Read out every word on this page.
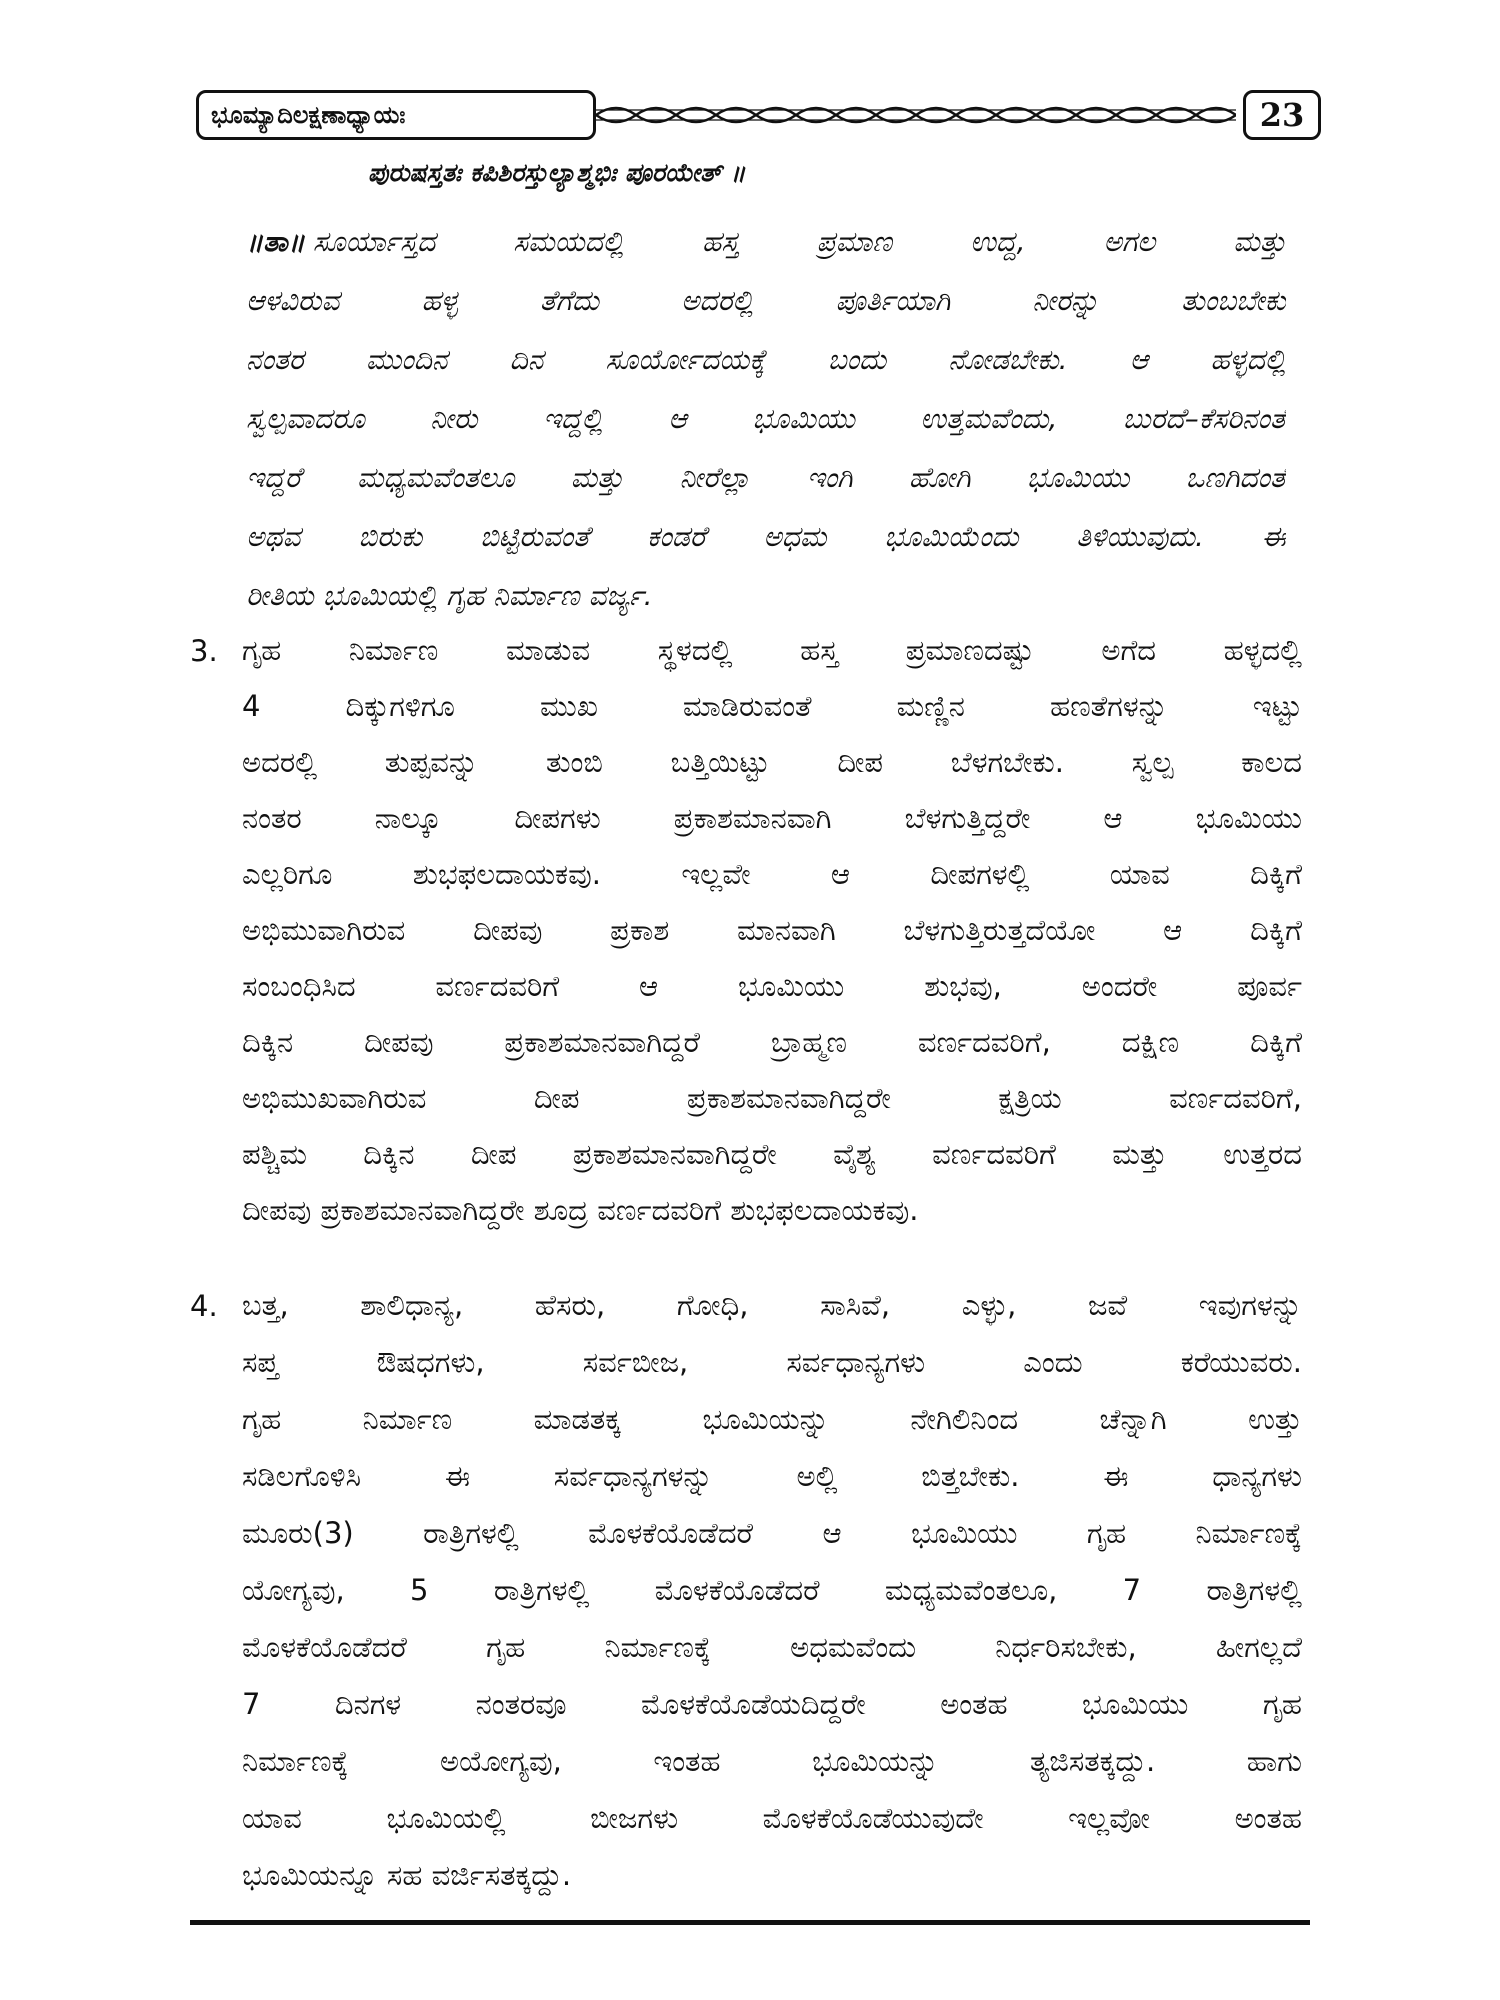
ಭೂಮ್ಯಾದಿಲಕ್ಷಣಾಧ್ಯಾಯಃ	23
ಪುರುಷಸ್ತತಃ ಕಪಿಶಿರಸ್ತುಲ್ಯಾಶ್ಮಭಿಃ ಪೂರಯೇತ್ ॥
॥ತಾ॥ ಸೂರ್ಯಾಸ್ತದ ಸಮಯದಲ್ಲಿ ಹಸ್ತ ಪ್ರಮಾಣ ಉದ್ದ, ಅಗಲ ಮತ್ತು
ಆಳವಿರುವ ಹಳ್ಳ ತೆಗೆದು ಅದರಲ್ಲಿ ಪೂರ್ತಿಯಾಗಿ ನೀರನ್ನು ತುಂಬಬೇಕು
ನಂತರ ಮುಂದಿನ ದಿನ ಸೂರ್ಯೋದಯಕ್ಕೆ ಬಂದು ನೋಡಬೇಕು. ಆ ಹಳ್ಳದಲ್ಲಿ
ಸ್ವಲ್ಪವಾದರೂ ನೀರು ಇದ್ದಲ್ಲಿ ಆ ಭೂಮಿಯು ಉತ್ತಮವೆಂದು, ಬುರದೆ–ಕೆಸರಿನಂತೆ
ಇದ್ದರೆ ಮಧ್ಯಮವೆಂತಲೂ ಮತ್ತು ನೀರೆಲ್ಲಾ ಇಂಗಿ ಹೋಗಿ ಭೂಮಿಯು ಒಣಗಿದಂತೆ
ಅಥವ ಬಿರುಕು ಬಿಟ್ಟಿರುವಂತೆ ಕಂಡರೆ ಅಧಮ ಭೂಮಿಯೆಂದು ತಿಳಿಯುವುದು. ಈ
ರೀತಿಯ ಭೂಮಿಯಲ್ಲಿ ಗೃಹ ನಿರ್ಮಾಣ ವರ್ಜ್ಯ.
3. ಗೃಹ ನಿರ್ಮಾಣ ಮಾಡುವ ಸ್ಥಳದಲ್ಲಿ ಹಸ್ತ ಪ್ರಮಾಣದಷ್ಟು ಅಗೆದ ಹಳ್ಳದಲ್ಲಿ
4 ದಿಕ್ಕುಗಳಿಗೂ ಮುಖ ಮಾಡಿರುವಂತೆ ಮಣ್ಣಿನ ಹಣತೆಗಳನ್ನು ಇಟ್ಟು
ಅದರಲ್ಲಿ ತುಪ್ಪವನ್ನು ತುಂಬಿ ಬತ್ತಿಯಿಟ್ಟು ದೀಪ ಬೆಳಗಬೇಕು. ಸ್ವಲ್ಪ ಕಾಲದ
ನಂತರ ನಾಲ್ಕೂ ದೀಪಗಳು ಪ್ರಕಾಶಮಾನವಾಗಿ ಬೆಳಗುತ್ತಿದ್ದರೇ ಆ ಭೂಮಿಯು
ಎಲ್ಲರಿಗೂ ಶುಭಫಲದಾಯಕವು. ಇಲ್ಲವೇ ಆ ದೀಪಗಳಲ್ಲಿ ಯಾವ ದಿಕ್ಕಿಗೆ
ಅಭಿಮುವಾಗಿರುವ ದೀಪವು ಪ್ರಕಾಶ ಮಾನವಾಗಿ ಬೆಳಗುತ್ತಿರುತ್ತದೆಯೋ ಆ ದಿಕ್ಕಿಗೆ
ಸಂಬಂಧಿಸಿದ ವರ್ಣದವರಿಗೆ ಆ ಭೂಮಿಯು ಶುಭವು, ಅಂದರೇ ಪೂರ್ವ
ದಿಕ್ಕಿನ ದೀಪವು ಪ್ರಕಾಶಮಾನವಾಗಿದ್ದರೆ ಬ್ರಾಹ್ಮಣ ವರ್ಣದವರಿಗೆ, ದಕ್ಷಿಣ ದಿಕ್ಕಿಗೆ
ಅಭಿಮುಖವಾಗಿರುವ ದೀಪ ಪ್ರಕಾಶಮಾನವಾಗಿದ್ದರೇ ಕ್ಷತ್ರಿಯ ವರ್ಣದವರಿಗೆ,
ಪಶ್ಚಿಮ ದಿಕ್ಕಿನ ದೀಪ ಪ್ರಕಾಶಮಾನವಾಗಿದ್ದರೇ ವೈಶ್ಯ ವರ್ಣದವರಿಗೆ ಮತ್ತು ಉತ್ತರದ
ದೀಪವು ಪ್ರಕಾಶಮಾನವಾಗಿದ್ದರೇ ಶೂದ್ರ ವರ್ಣದವರಿಗೆ ಶುಭಫಲದಾಯಕವು.
4. ಬತ್ತ, ಶಾಲಿಧಾನ್ಯ, ಹೆಸರು, ಗೋಧಿ, ಸಾಸಿವೆ, ಎಳ್ಳು, ಜವೆ ಇವುಗಳನ್ನು
ಸಪ್ತ ಔಷಧಗಳು, ಸರ್ವಬೀಜ, ಸರ್ವಧಾನ್ಯಗಳು ಎಂದು ಕರೆಯುವರು.
ಗೃಹ ನಿರ್ಮಾಣ ಮಾಡತಕ್ಕ ಭೂಮಿಯನ್ನು ನೇಗಿಲಿನಿಂದ ಚೆನ್ನಾಗಿ ಉತ್ತು
ಸಡಿಲಗೊಳಿಸಿ ಈ ಸರ್ವಧಾನ್ಯಗಳನ್ನು ಅಲ್ಲಿ ಬಿತ್ತಬೇಕು. ಈ ಧಾನ್ಯಗಳು
ಮೂರು(3) ರಾತ್ರಿಗಳಲ್ಲಿ ಮೊಳಕೆಯೊಡೆದರೆ ಆ ಭೂಮಿಯು ಗೃಹ ನಿರ್ಮಾಣಕ್ಕೆ
ಯೋಗ್ಯವು, 5 ರಾತ್ರಿಗಳಲ್ಲಿ ಮೊಳಕೆಯೊಡೆದರೆ ಮಧ್ಯಮವೆಂತಲೂ, 7 ರಾತ್ರಿಗಳಲ್ಲಿ
ಮೊಳಕೆಯೊಡೆದರೆ ಗೃಹ ನಿರ್ಮಾಣಕ್ಕೆ ಅಧಮವೆಂದು ನಿರ್ಧರಿಸಬೇಕು, ಹೀಗಲ್ಲದೆ
7 ದಿನಗಳ ನಂತರವೂ ಮೊಳಕೆಯೊಡೆಯದಿದ್ದರೇ ಅಂತಹ ಭೂಮಿಯು ಗೃಹ
ನಿರ್ಮಾಣಕ್ಕೆ ಅಯೋಗ್ಯವು, ಇಂತಹ ಭೂಮಿಯನ್ನು ತ್ಯಜಿಸತಕ್ಕದ್ದು. ಹಾಗು
ಯಾವ ಭೂಮಿಯಲ್ಲಿ ಬೀಜಗಳು ಮೊಳಕೆಯೊಡೆಯುವುದೇ ಇಲ್ಲವೋ ಅಂತಹ
ಭೂಮಿಯನ್ನೂ ಸಹ ವರ್ಜಿಸತಕ್ಕದ್ದು.
